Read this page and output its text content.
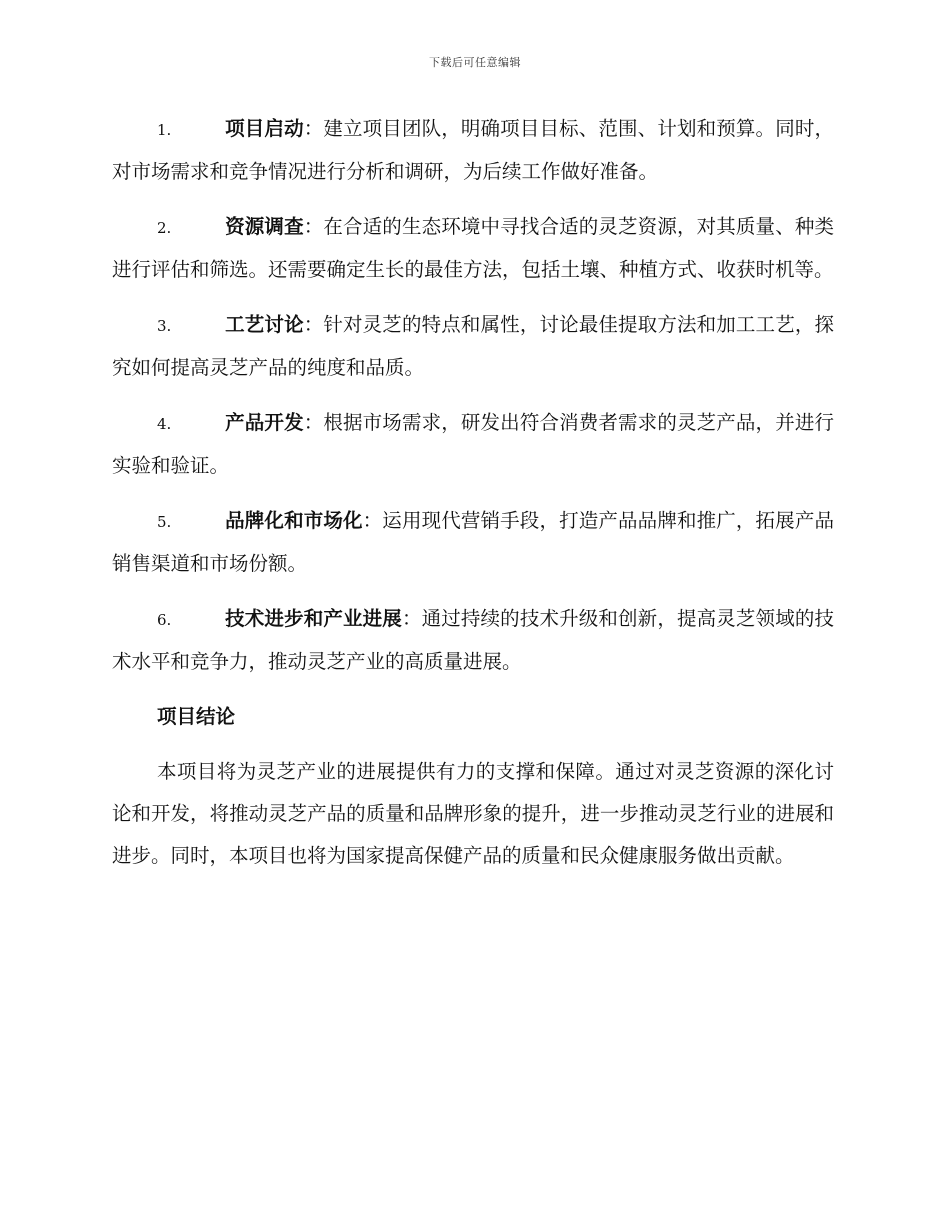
下载后可任意编辑

1.	项目启动：建立项目团队，明确项目目标、范围、计划和预算。同时，对市场需求和竞争情况进行分析和调研，为后续工作做好准备。

2.	资源调查：在合适的生态环境中寻找合适的灵芝资源，对其质量、种类进行评估和筛选。还需要确定生长的最佳方法，包括土壤、种植方式、收获时机等。

3.	工艺讨论：针对灵芝的特点和属性，讨论最佳提取方法和加工工艺，探究如何提高灵芝产品的纯度和品质。

4.	产品开发：根据市场需求，研发出符合消费者需求的灵芝产品，并进行实验和验证。

5.	品牌化和市场化：运用现代营销手段，打造产品品牌和推广，拓展产品销售渠道和市场份额。

6.	技术进步和产业进展：通过持续的技术升级和创新，提高灵芝领域的技术水平和竞争力，推动灵芝产业的高质量进展。

项目结论

本项目将为灵芝产业的进展提供有力的支撑和保障。通过对灵芝资源的深化讨论和开发，将推动灵芝产品的质量和品牌形象的提升，进一步推动灵芝行业的进展和进步。同时，本项目也将为国家提高保健产品的质量和民众健康服务做出贡献。
